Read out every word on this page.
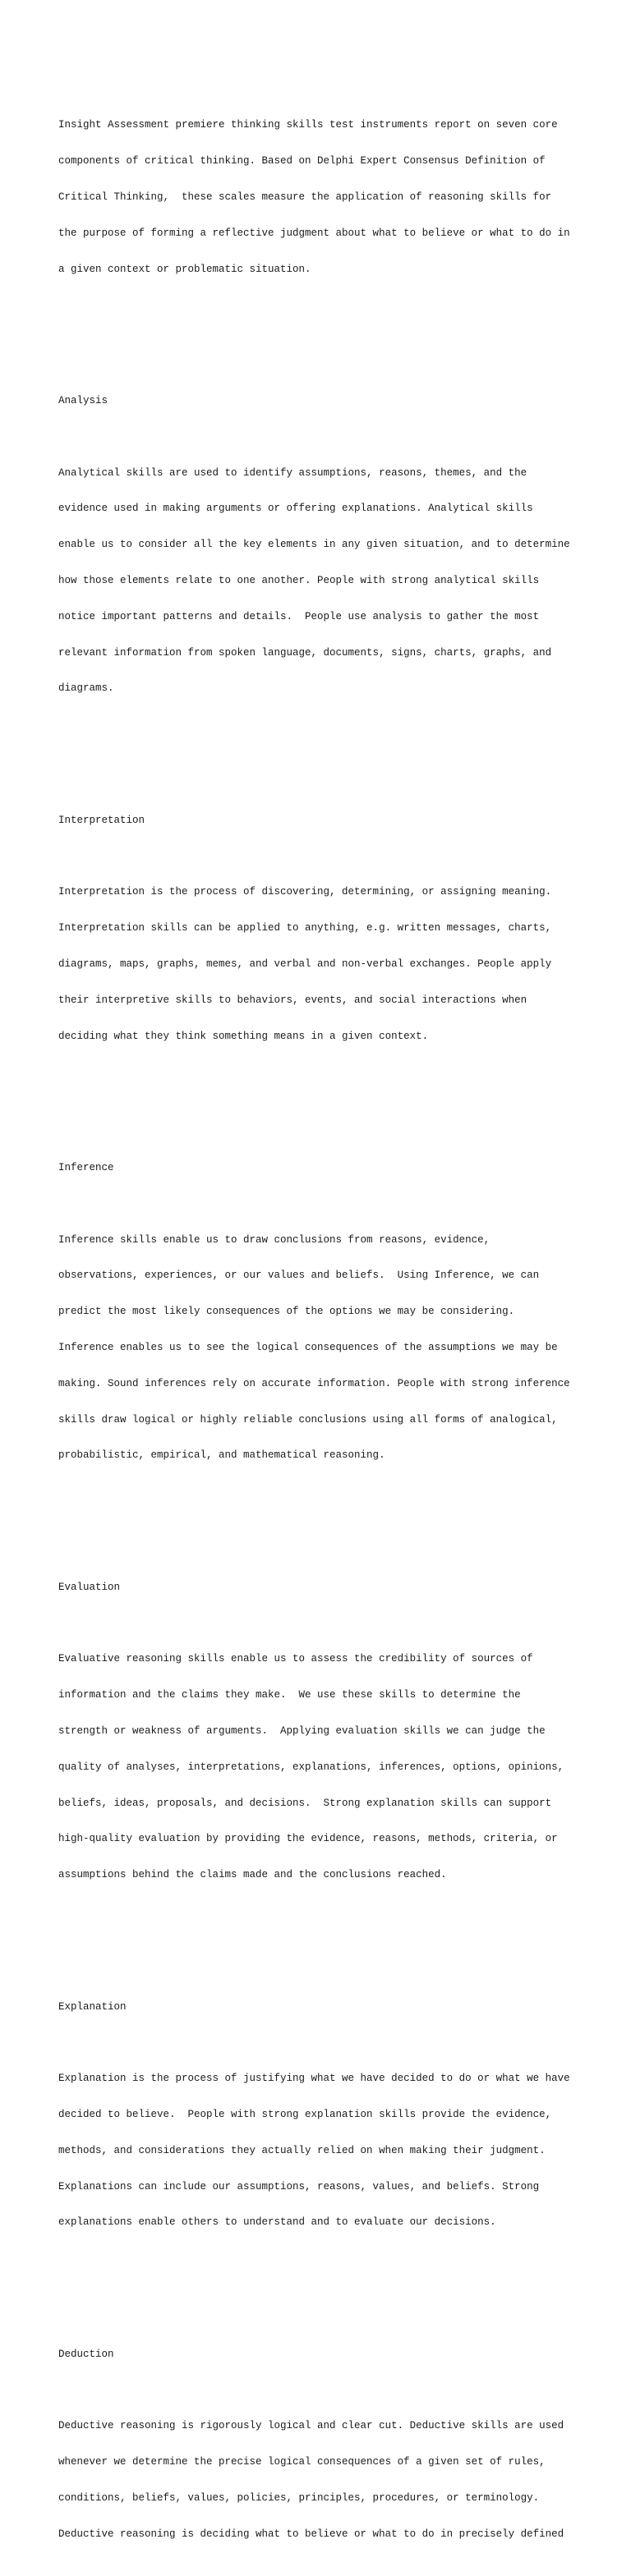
Insight Assessment premiere thinking skills test instruments report on seven core

components of critical thinking. Based on Delphi Expert Consensus Definition of

Critical Thinking,  these scales measure the application of reasoning skills for

the purpose of forming a reflective judgment about what to believe or what to do in

a given context or problematic situation.

Analysis

Analytical skills are used to identify assumptions, reasons, themes, and the

evidence used in making arguments or offering explanations. Analytical skills

enable us to consider all the key elements in any given situation, and to determine

how those elements relate to one another. People with strong analytical skills

notice important patterns and details.  People use analysis to gather the most

relevant information from spoken language, documents, signs, charts, graphs, and

diagrams.

Interpretation

Interpretation is the process of discovering, determining, or assigning meaning.

Interpretation skills can be applied to anything, e.g. written messages, charts,

diagrams, maps, graphs, memes, and verbal and non-verbal exchanges. People apply

their interpretive skills to behaviors, events, and social interactions when

deciding what they think something means in a given context.

Inference

Inference skills enable us to draw conclusions from reasons, evidence,

observations, experiences, or our values and beliefs.  Using Inference, we can

predict the most likely consequences of the options we may be considering.

Inference enables us to see the logical consequences of the assumptions we may be

making. Sound inferences rely on accurate information. People with strong inference

skills draw logical or highly reliable conclusions using all forms of analogical,

probabilistic, empirical, and mathematical reasoning.

Evaluation

Evaluative reasoning skills enable us to assess the credibility of sources of

information and the claims they make.  We use these skills to determine the

strength or weakness of arguments.  Applying evaluation skills we can judge the

quality of analyses, interpretations, explanations, inferences, options, opinions,

beliefs, ideas, proposals, and decisions.  Strong explanation skills can support

high-quality evaluation by providing the evidence, reasons, methods, criteria, or

assumptions behind the claims made and the conclusions reached.

Explanation

Explanation is the process of justifying what we have decided to do or what we have

decided to believe.  People with strong explanation skills provide the evidence,

methods, and considerations they actually relied on when making their judgment.

Explanations can include our assumptions, reasons, values, and beliefs. Strong

explanations enable others to understand and to evaluate our decisions.

Deduction

Deductive reasoning is rigorously logical and clear cut. Deductive skills are used

whenever we determine the precise logical consequences of a given set of rules,

conditions, beliefs, values, policies, principles, procedures, or terminology.

Deductive reasoning is deciding what to believe or what to do in precisely defined
